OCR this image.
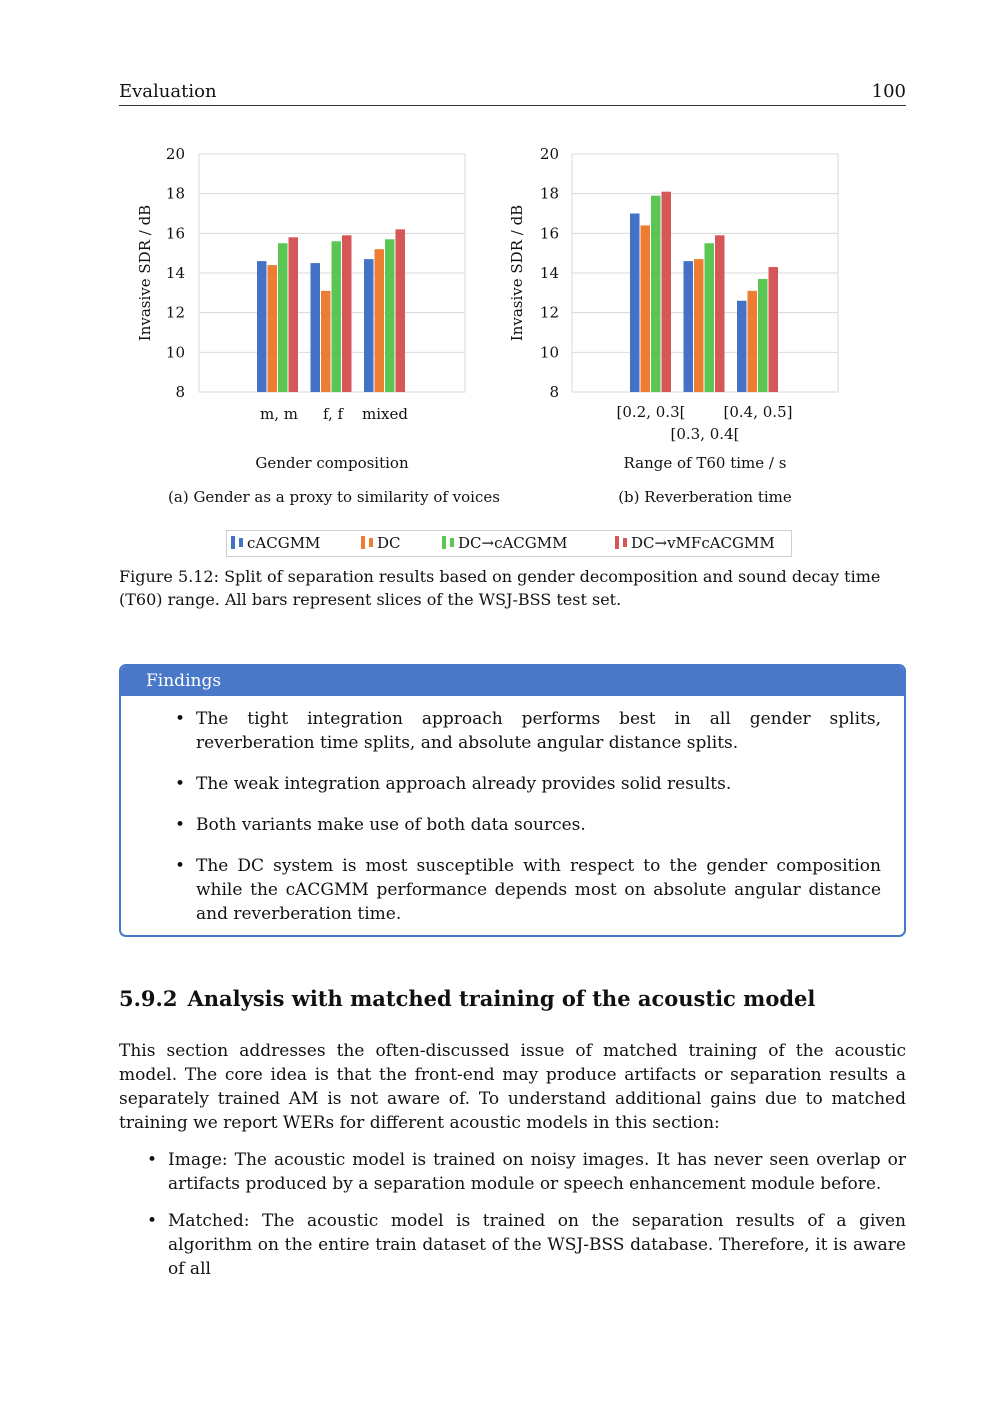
Evaluation	100
8
10
12
14
16
18
20
m, m f, f mixed
Invasive SDR / dB
Gender composition
(a) Gender as a proxy to similarity of voices
8
10
12
14
16
18
20
[0.2, 0.3[
[0.3, 0.4[
[0.4, 0.5]
Invasive SDR / dB
Range of T60 time / s
(b) Reverberation time
cACGMM	DC	DC→cACGMM	DC→vMFcACGMM
Figure 5.12: Split of separation results based on gender decomposition and sound decay time (T60) range. All bars represent slices of the WSJ-BSS test set.
Findings
• The tight integration approach performs best in all gender splits, reverberation time splits, and absolute angular distance splits.
• The weak integration approach already provides solid results.
• Both variants make use of both data sources.
• The DC system is most susceptible with respect to the gender composition while the cACGMM performance depends most on absolute angular distance and reverberation time.
5.9.2 Analysis with matched training of the acoustic model
This section addresses the often-discussed issue of matched training of the acoustic model. The core idea is that the front-end may produce artifacts or separation results a separately trained AM is not aware of. To understand additional gains due to matched training we report WERs for different acoustic models in this section:
• Image: The acoustic model is trained on noisy images. It has never seen overlap or artifacts produced by a separation module or speech enhancement module before.
• Matched: The acoustic model is trained on the separation results of a given algorithm on the entire train dataset of the WSJ-BSS database. Therefore, it is aware of all
